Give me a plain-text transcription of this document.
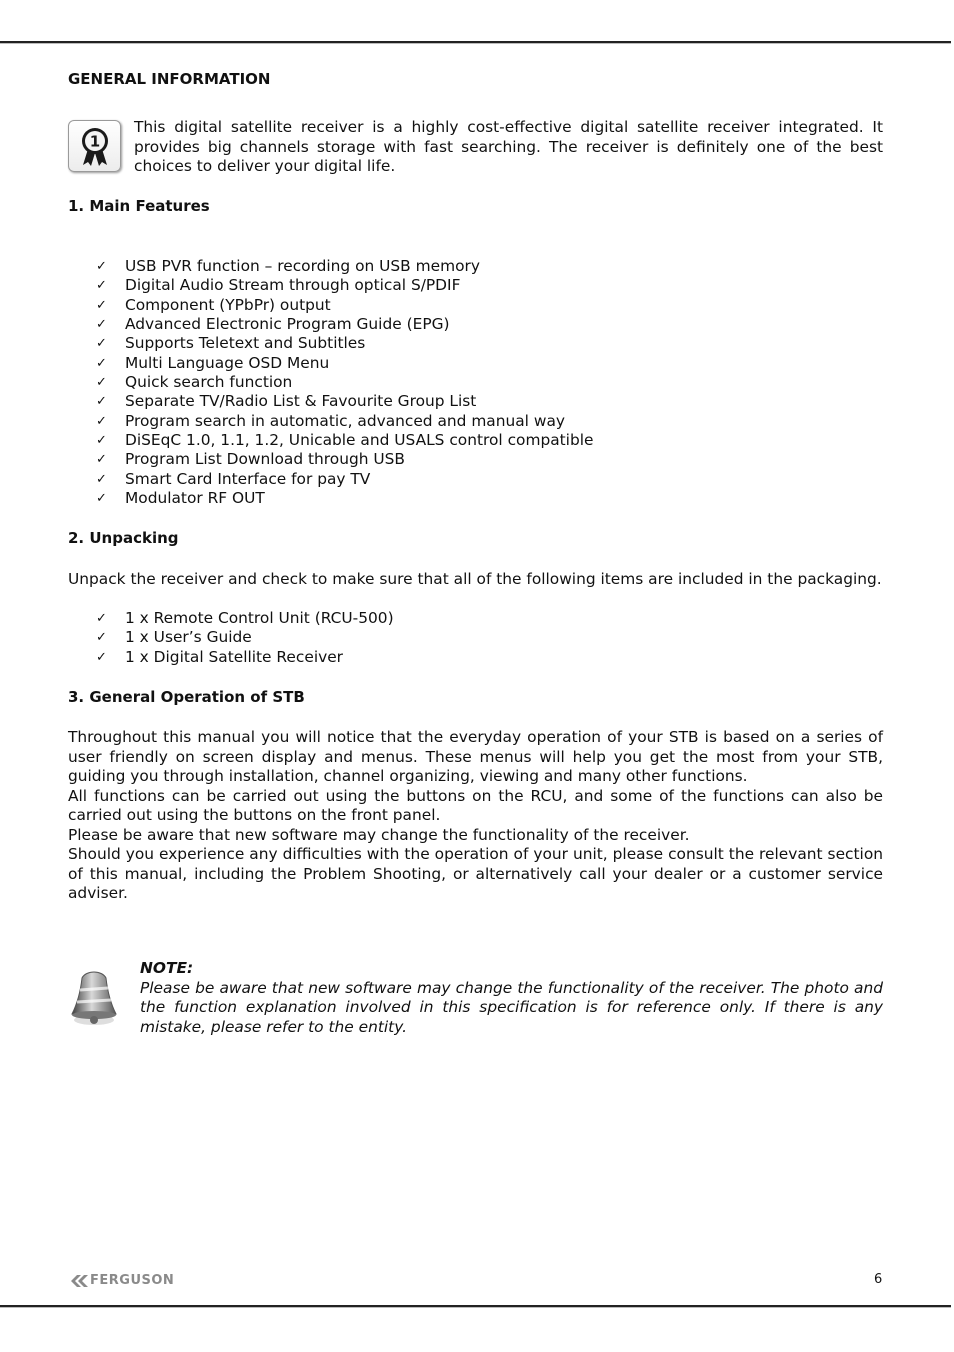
GENERAL INFORMATION
1
This digital satellite receiver is a highly cost-effective digital satellite receiver integrated. It provides big channels storage with fast searching. The receiver is definitely one of the best choices to deliver your digital life.
1. Main Features
✓	USB PVR function – recording on USB memory
✓	Digital Audio Stream through optical S/PDIF
✓	Component (YPbPr) output
✓	Advanced Electronic Program Guide (EPG)
✓	Supports Teletext and Subtitles
✓	Multi Language OSD Menu
✓	Quick search function
✓	Separate TV/Radio List & Favourite Group List
✓	Program search in automatic, advanced and manual way
✓	DiSEqC 1.0, 1.1, 1.2, Unicable and USALS control compatible
✓	Program List Download through USB
✓	Smart Card Interface for pay TV
✓	Modulator RF OUT
2. Unpacking
Unpack the receiver and check to make sure that all of the following items are included in the packaging.
✓	1 x Remote Control Unit (RCU-500)
✓	1 x User’s Guide
✓	1 x Digital Satellite Receiver
3. General Operation of STB

Throughout this manual you will notice that the everyday operation of your STB is based on a series of user friendly on screen display and menus. These menus will help you get the most from your STB, guiding you through installation, channel organizing, viewing and many other functions.

All functions can be carried out using the buttons on the RCU, and some of the functions can also be carried out using the buttons on the front panel.

Please be aware that new software may change the functionality of the receiver.

Should you experience any difficulties with the operation of your unit, please consult the relevant section of this manual, including the Problem Shooting, or alternatively call your dealer or a customer service adviser.

NOTE:
Please be aware that new software may change the functionality of the receiver. The photo and the function explanation involved in this specification is for reference only. If there is any mistake, please refer to the entity.
FERGUSON	6
